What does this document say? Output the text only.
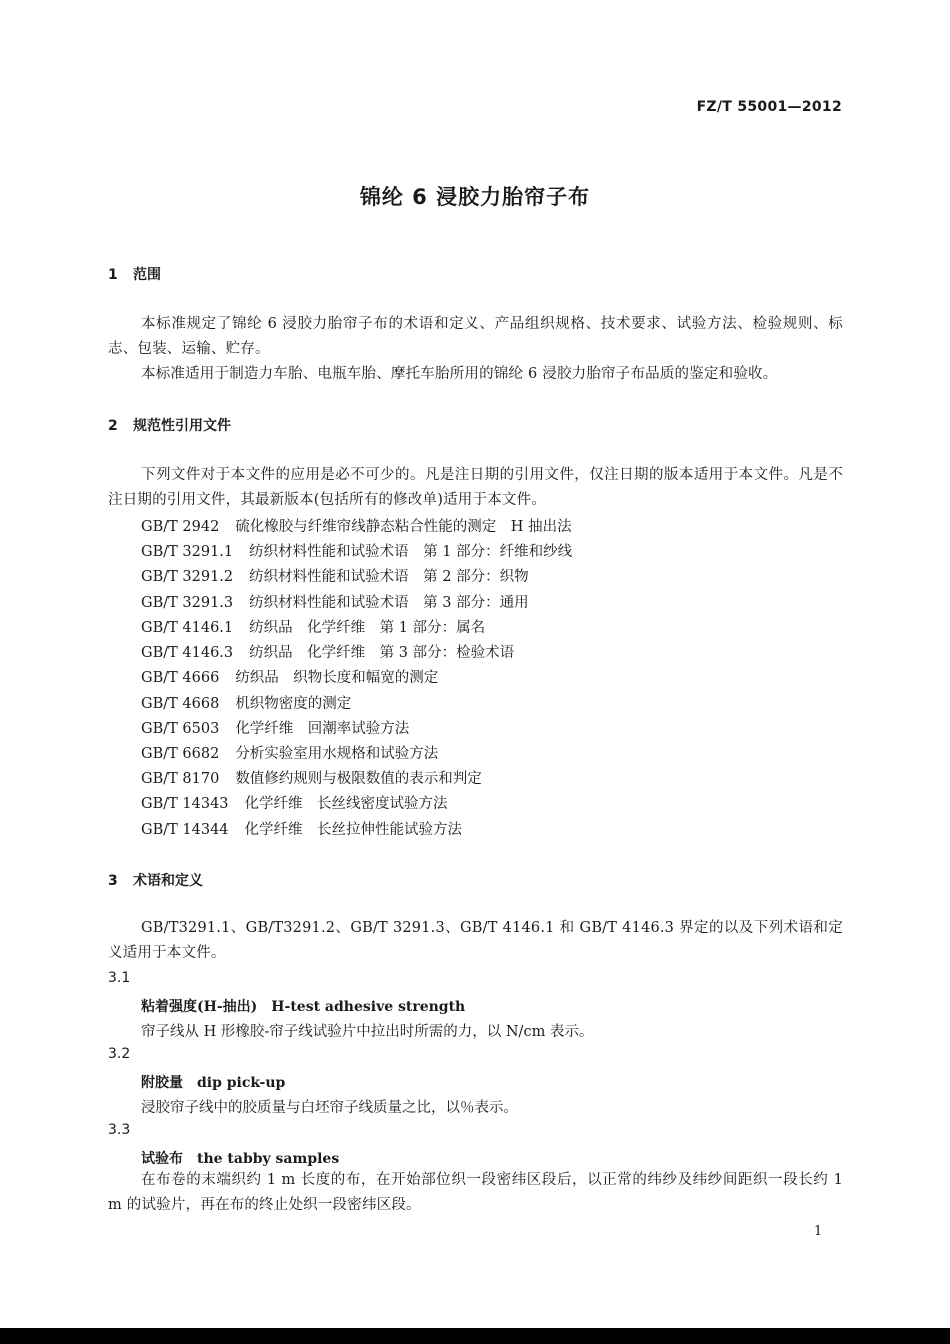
FZ/T 55001—2012
锦纶 6 浸胶力胎帘子布
1 范围
本标准规定了锦纶 6 浸胶力胎帘子布的术语和定义、产品组织规格、技术要求、试验方法、检验规则、标志、包装、运输、贮存。
本标准适用于制造力车胎、电瓶车胎、摩托车胎所用的锦纶 6 浸胶力胎帘子布品质的鉴定和验收。
2 规范性引用文件
下列文件对于本文件的应用是必不可少的。凡是注日期的引用文件，仅注日期的版本适用于本文件。凡是不注日期的引用文件，其最新版本(包括所有的修改单)适用于本文件。
GB/T 2942 硫化橡胶与纤维帘线静态粘合性能的测定　H 抽出法
GB/T 3291.1 纺织材料性能和试验术语　第 1 部分：纤维和纱线
GB/T 3291.2 纺织材料性能和试验术语　第 2 部分：织物
GB/T 3291.3 纺织材料性能和试验术语　第 3 部分：通用
GB/T 4146.1 纺织品　化学纤维　第 1 部分：属名
GB/T 4146.3 纺织品　化学纤维　第 3 部分：检验术语
GB/T 4666 纺织品　织物长度和幅宽的测定
GB/T 4668 机织物密度的测定
GB/T 6503 化学纤维　回潮率试验方法
GB/T 6682 分析实验室用水规格和试验方法
GB/T 8170 数值修约规则与极限数值的表示和判定
GB/T 14343 化学纤维　长丝线密度试验方法
GB/T 14344 化学纤维　长丝拉伸性能试验方法
3 术语和定义
GB/T3291.1、GB/T3291.2、GB/T 3291.3、GB/T 4146.1 和 GB/T 4146.3 界定的以及下列术语和定义适用于本文件。
3.1
粘着强度(H-抽出) H-test adhesive strength
帘子线从 H 形橡胶-帘子线试验片中拉出时所需的力，以 N/cm 表示。
3.2
附胶量 dip pick-up
浸胶帘子线中的胶质量与白坯帘子线质量之比，以％表示。
3.3
试验布 the tabby samples
在布卷的末端织约 1 m 长度的布，在开始部位织一段密纬区段后，以正常的纬纱及纬纱间距织一段长约 1 m 的试验片，再在布的终止处织一段密纬区段。
1
